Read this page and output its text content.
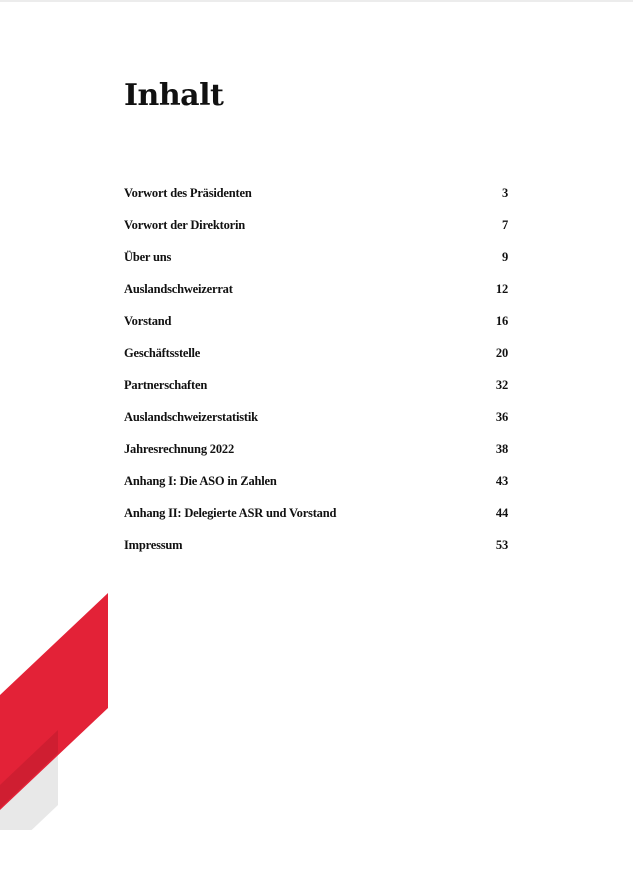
Inhalt
Vorwort des Präsidenten	3
Vorwort der Direktorin	7
Über uns	9
Auslandschweizerrat	12
Vorstand	16
Geschäftsstelle	20
Partnerschaften	32
Auslandschweizerstatistik	36
Jahresrechnung 2022	38
Anhang I: Die ASO in Zahlen	43
Anhang II: Delegierte ASR und Vorstand	44
Impressum	53
